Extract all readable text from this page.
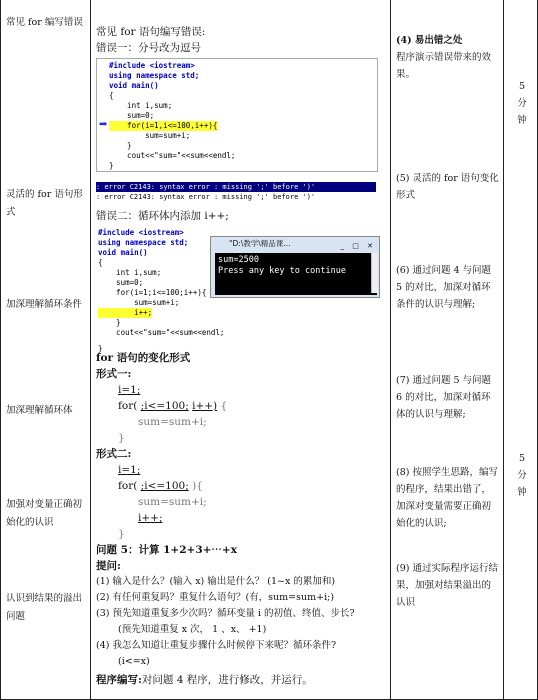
常见 for 编写错误
灵活的 for 语句形式
加深理解循环条件
加深理解循环体
加强对变量正确初始化的认识
认识到结果的溢出问题
常见 for 语句编写错误:
错误一：分号改为逗号
#include <iostream>
using namespace std;
void main()
{
int i,sum;
sum=0;
for(i=1,i<=100,i++){
sum=sum+i;
}
cout<<"sum="<<sum<<endl;
}
➡
: error C2143: syntax error : missing ';' before ')'
: error C2143: syntax error : missing ';' before ')'
错误二：循环体内添加 i++;
#include <iostream>
using namespace std;
void main()
{
int i,sum;
sum=0;
for(i=1;i<=100;i++){
sum=sum+i;
i++;
}
cout<<"sum="<<sum<<endl;
}
"D:\教学\精品课...	_ □ ✕
sum=2500
Press any key to continue
for 语句的变化形式
形式一:
i=1;
for( ;i<=100; i++) {
sum=sum+i;
}
形式二:
i=1;
for( ;i<=100; ){
sum=sum+i;
i++;
}
问题 5：计算 1+2+3+⋯+x
提问:
(1) 输入是什么？(输入 x) 输出是什么？ (1~x 的累加和)
(2) 有任何重复吗？重复什么语句？(有，sum=sum+i;)
(3) 预先知道重复多少次吗？循环变量 i 的初值、终值、步长?
(预先知道重复 x 次， 1 、x、 +1)
(4) 我怎么知道让重复步骤什么时候停下来呢？循环条件?
(i<=x)
程序编写:对问题 4 程序，进行修改，并运行。
(4) 易出错之处
程序演示错误带来的效果。
(5) 灵活的 for 语句变化形式
(6) 通过问题 4 与问题 5 的对比，加深对循环条件的认识与理解;
(7) 通过问题 5 与问题 6 的对比，加深对循环体的认识与理解;
(8) 按照学生思路，编写的程序，结果出错了，加深对变量需要正确初始化的认识;
(9) 通过实际程序运行结果，加强对结果溢出的认识
5
分钟
5
分钟
